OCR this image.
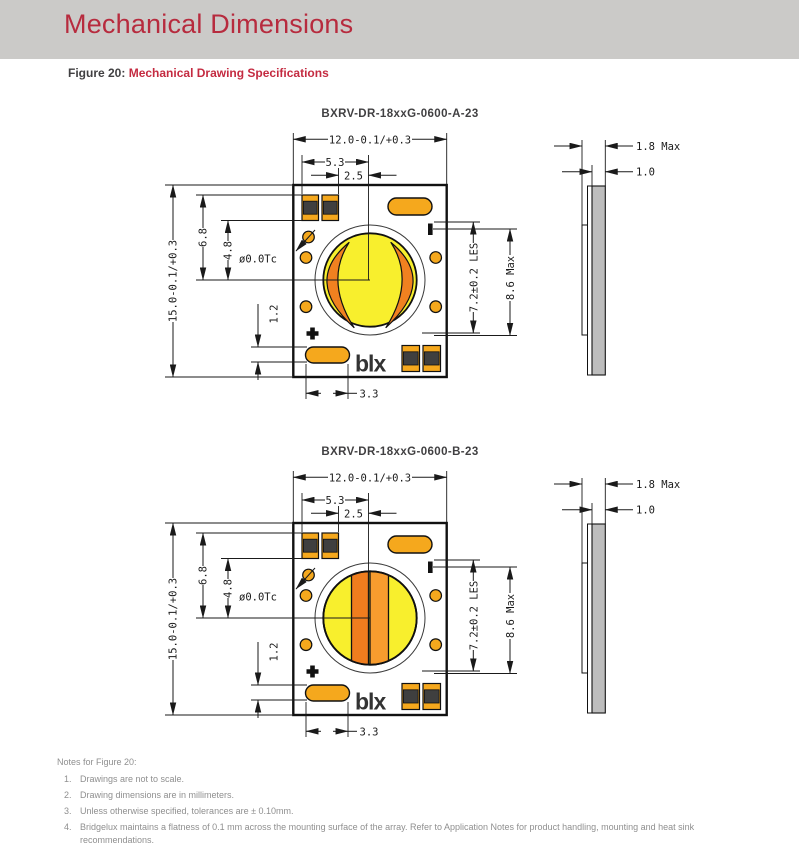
Mechanical Dimensions
Figure 20: Mechanical Drawing Specifications
BXRV-DR-18xxG-0600-A-23
blx
12.0-0.1/+0.3
5.3
2.5
15.0-0.1/+0.3
6.8
4.8
1.2
3.3
ø0.0Tc	7.2±0.2 LES 8.6 Max
1.8 Max
1.0
BXRV-DR-18xxG-0600-B-23
blx
12.0-0.1/+0.3
5.3
2.5
15.0-0.1/+0.3
6.8
4.8
1.2
3.3
ø0.0Tc	7.2±0.2 LES 8.6 Max
1.8 Max
1.0
Notes for Figure 20:
1. Drawings are not to scale.
2. Drawing dimensions are in millimeters.
3. Unless otherwise specified, tolerances are ± 0.10mm.
4. Bridgelux maintains a flatness of 0.1 mm across the mounting surface of the array. Refer to Application Notes for product handling, mounting and heat sink recommendations.
